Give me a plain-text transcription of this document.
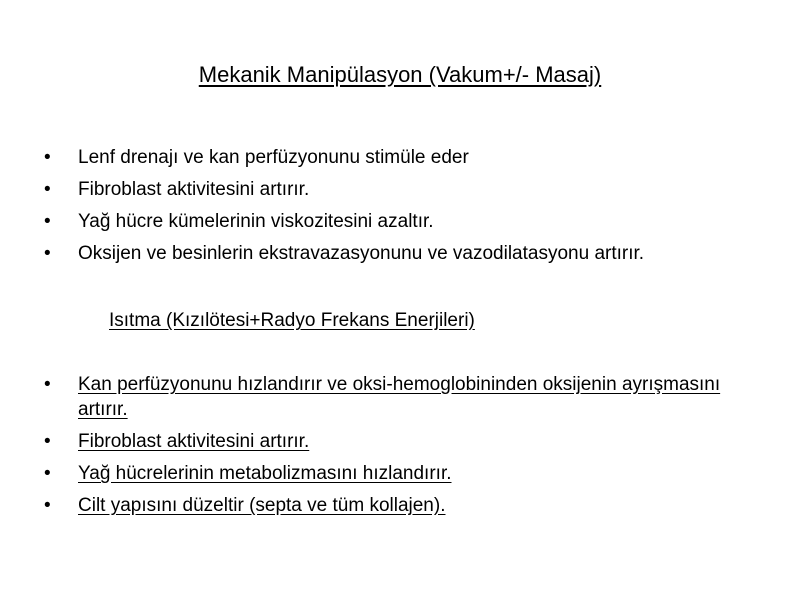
Mekanik Manipülasyon (Vakum+/- Masaj)
•	Lenf drenajı ve kan perfüzyonunu stimüle eder
•	Fibroblast aktivitesini artırır.
•	Yağ hücre kümelerinin viskozitesini azaltır.
•	Oksijen ve besinlerin ekstravazasyonunu ve vazodilatasyonu artırır.
Isıtma (Kızılötesi+Radyo Frekans Enerjileri)
•	Kan perfüzyonunu hızlandırır ve oksi-hemoglobininden oksijenin ayrışmasını artırır.
•	Fibroblast aktivitesini artırır.
•	Yağ hücrelerinin metabolizmasını hızlandırır.
•	Cilt yapısını düzeltir (septa ve tüm kollajen).
